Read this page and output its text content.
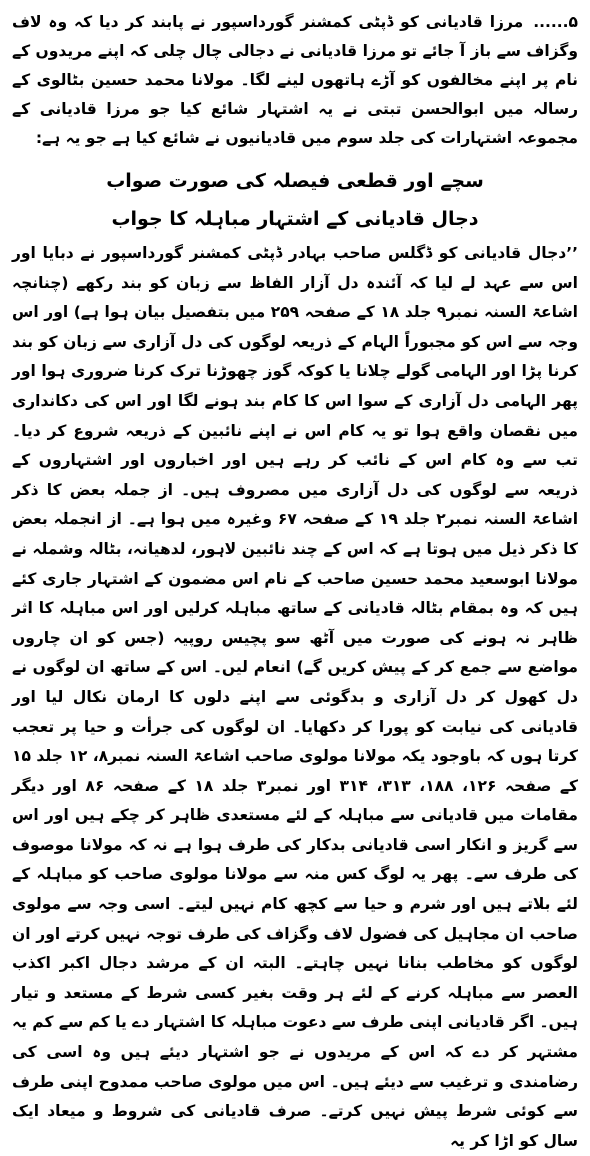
۵......مرزا قادیانی کو ڈپٹی کمشنر گورداسپور نے پابند کر دیا کہ وہ لاف وگزاف سے باز آ جائے تو مرزا قادیانی نے دجالی چال چلی کہ اپنے مریدوں کے نام پر اپنے مخالفوں کو آڑے ہاتھوں لینے لگا۔ مولانا محمد حسین بٹالوی کے رسالہ میں ابوالحسن تبتی نے یہ اشتہار شائع کیا جو مرزا قادیانی کے مجموعہ اشتہارات کی جلد سوم میں قادیانیوں نے شائع کیا ہے جو یہ ہے:

سچے اور قطعی فیصلہ کی صورت صواب
دجال قادیانی کے اشتہار مباہلہ کا جواب

’’دجال قادیانی کو ڈگلس صاحب بہادر ڈپٹی کمشنر گورداسپور نے دبایا اور اس سے عہد لے لیا کہ آئندہ دل آزار الفاظ سے زبان کو بند رکھے (چنانچہ اشاعۃ السنہ نمبر۹ جلد ۱۸ کے صفحہ ۲۵۹ میں بتفصیل بیان ہوا ہے) اور اس وجہ سے اس کو مجبوراً الہام کے ذریعہ لوگوں کی دل آزاری سے زبان کو بند کرنا پڑا اور الہامی گولے چلانا یا کوکہ گوز چھوڑنا ترک کرنا ضروری ہوا اور پھر الہامی دل آزاری کے سوا اس کا کام بند ہونے لگا اور اس کی دکانداری میں نقصان واقع ہوا تو یہ کام اس نے اپنے نائبین کے ذریعہ شروع کر دیا۔ تب سے وہ کام اس کے نائب کر رہے ہیں اور اخباروں اور اشتہاروں کے ذریعہ سے لوگوں کی دل آزاری میں مصروف ہیں۔ از جملہ بعض کا ذکر اشاعۃ السنہ نمبر۲ جلد ۱۹ کے صفحہ ۶۷ وغیرہ میں ہوا ہے۔ از انجملہ بعض کا ذکر ذیل میں ہوتا ہے کہ اس کے چند نائبین لاہور، لدھیانہ، بٹالہ وشملہ نے مولانا ابوسعید محمد حسین صاحب کے نام اس مضمون کے اشتہار جاری کئے ہیں کہ وہ بمقام بٹالہ قادیانی کے ساتھ مباہلہ کرلیں اور اس مباہلہ کا اثر ظاہر نہ ہونے کی صورت میں آٹھ سو پچیس روپیہ (جس کو ان چاروں مواضع سے جمع کر کے پیش کریں گے) انعام لیں۔ اس کے ساتھ ان لوگوں نے دل کھول کر دل آزاری و بدگوئی سے اپنے دلوں کا ارمان نکال لیا اور قادیانی کی نیابت کو پورا کر دکھایا۔ ان لوگوں کی جرأت و حیا پر تعجب کرتا ہوں کہ باوجود یکہ مولانا مولوی صاحب اشاعۃ السنہ نمبر۸، ۱۲ جلد ۱۵ کے صفحہ ۱۲۶، ۱۸۸، ۳۱۳، ۳۱۴ اور نمبر۳ جلد ۱۸ کے صفحہ ۸۶ اور دیگر مقامات میں قادیانی سے مباہلہ کے لئے مستعدی ظاہر کر چکے ہیں اور اس سے گریز و انکار اسی قادیانی بدکار کی طرف ہوا ہے نہ کہ مولانا موصوف کی طرف سے۔ پھر یہ لوگ کس منہ سے مولانا مولوی صاحب کو مباہلہ کے لئے بلاتے ہیں اور شرم و حیا سے کچھ کام نہیں لیتے۔ اسی وجہ سے مولوی صاحب ان مجاہیل کی فضول لاف وگزاف کی طرف توجہ نہیں کرتے اور ان لوگوں کو مخاطب بنانا نہیں چاہتے۔ البتہ ان کے مرشد دجال اکبر اکذب العصر سے مباہلہ کرنے کے لئے ہر وقت بغیر کسی شرط کے مستعد و تیار ہیں۔ اگر قادیانی اپنی طرف سے دعوت مباہلہ کا اشتہار دے یا کم سے کم یہ مشتہر کر دے کہ اس کے مریدوں نے جو اشتہار دیئے ہیں وہ اسی کی رضامندی و ترغیب سے دیئے ہیں۔ اس میں مولوی صاحب ممدوح اپنی طرف سے کوئی شرط پیش نہیں کرتے۔ صرف قادیانی کی شروط و میعاد ایک سال کو اڑا کر یہ
